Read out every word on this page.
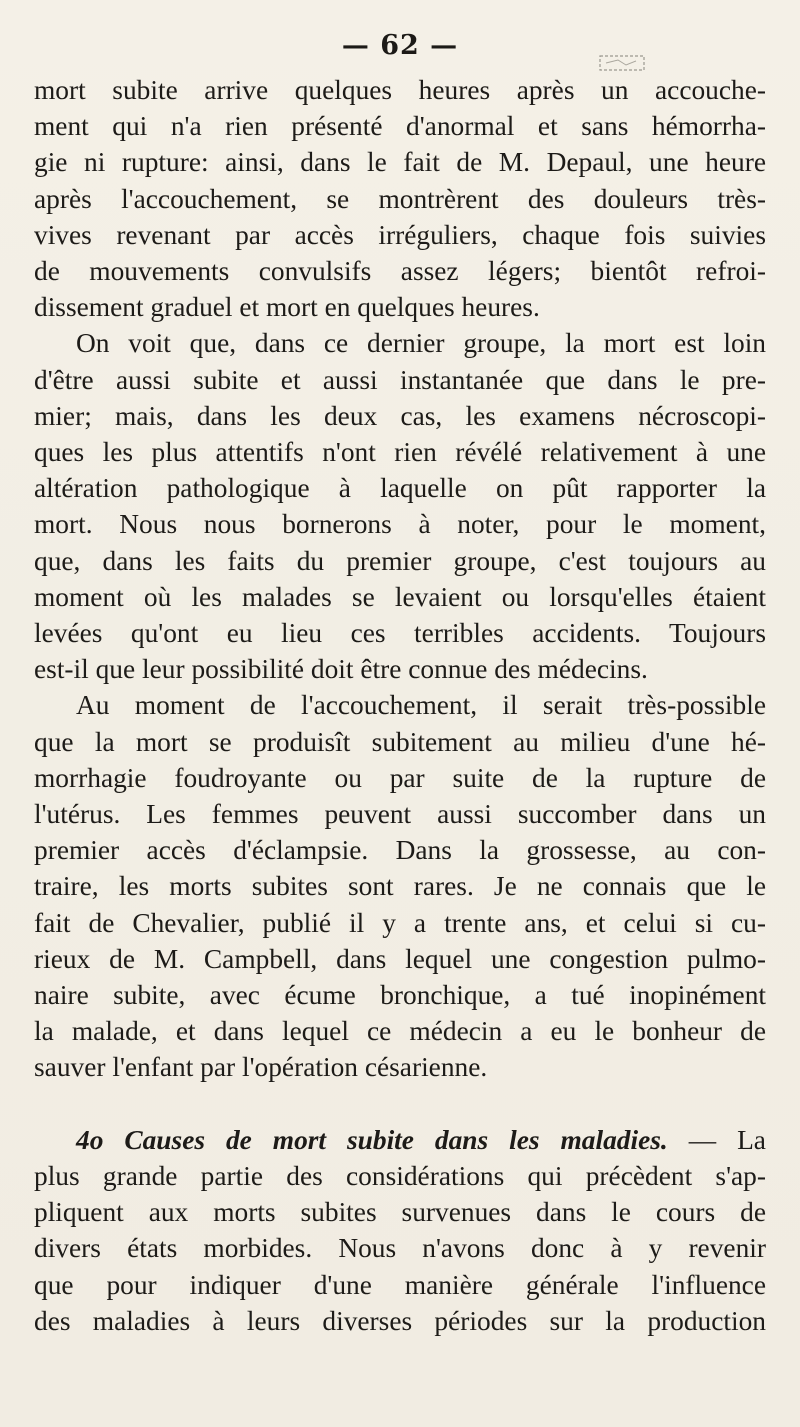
— 62 —
mort subite arrive quelques heures après un accouche-
ment qui n'a rien présenté d'anormal et sans hémorrha-
gie ni rupture: ainsi, dans le fait de M. Depaul, une heure
après l'accouchement, se montrèrent des douleurs très-
vives revenant par accès irréguliers, chaque fois suivies
de mouvements convulsifs assez légers; bientôt refroi-
dissement graduel et mort en quelques heures.
On voit que, dans ce dernier groupe, la mort est loin
d'être aussi subite et aussi instantanée que dans le pre-
mier; mais, dans les deux cas, les examens nécroscopi-
ques les plus attentifs n'ont rien révélé relativement à une
altération pathologique à laquelle on pût rapporter la
mort. Nous nous bornerons à noter, pour le moment,
que, dans les faits du premier groupe, c'est toujours au
moment où les malades se levaient ou lorsqu'elles étaient
levées qu'ont eu lieu ces terribles accidents. Toujours
est-il que leur possibilité doit être connue des médecins.
Au moment de l'accouchement, il serait très-possible
que la mort se produisît subitement au milieu d'une hé-
morrhagie foudroyante ou par suite de la rupture de
l'utérus. Les femmes peuvent aussi succomber dans un
premier accès d'éclampsie. Dans la grossesse, au con-
traire, les morts subites sont rares. Je ne connais que le
fait de Chevalier, publié il y a trente ans, et celui si cu-
rieux de M. Campbell, dans lequel une congestion pulmo-
naire subite, avec écume bronchique, a tué inopinément
la malade, et dans lequel ce médecin a eu le bonheur de
sauver l'enfant par l'opération césarienne.
4o Causes de mort subite dans les maladies. — La
plus grande partie des considérations qui précèdent s'ap-
pliquent aux morts subites survenues dans le cours de
divers états morbides. Nous n'avons donc à y revenir
que pour indiquer d'une manière générale l'influence
des maladies à leurs diverses périodes sur la production
